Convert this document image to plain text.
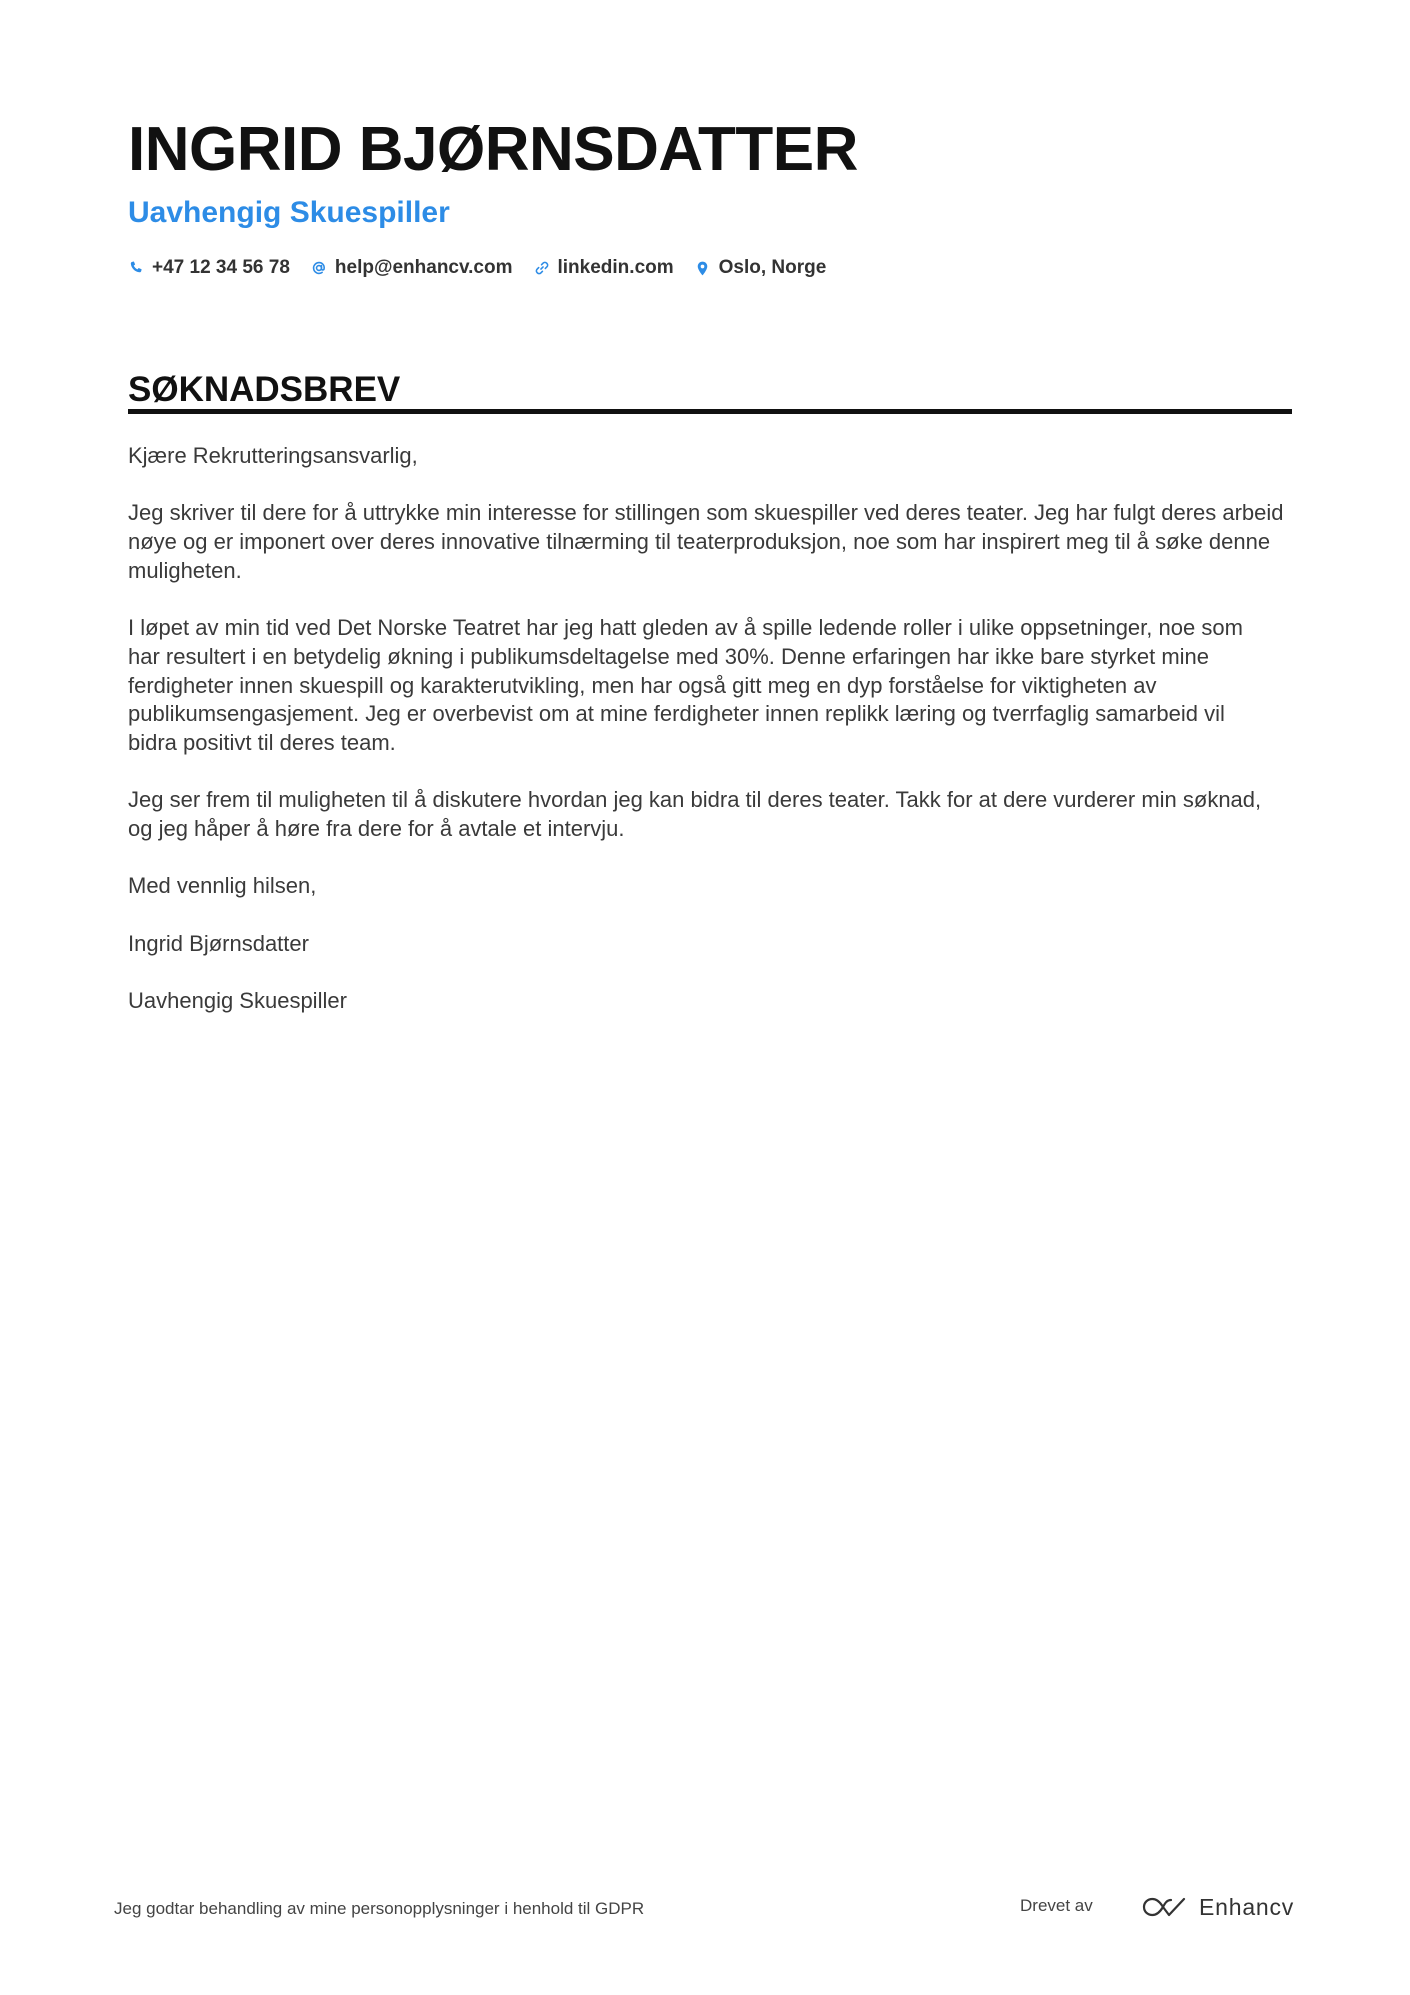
INGRID BJØRNSDATTER
Uavhengig Skuespiller
+47 12 34 56 78 help@enhancv.com linkedin.com Oslo, Norge
SØKNADSBREV
Kjære Rekrutteringsansvarlig,
Jeg skriver til dere for å uttrykke min interesse for stillingen som skuespiller ved deres teater. Jeg har fulgt deres arbeid
nøye og er imponert over deres innovative tilnærming til teaterproduksjon, noe som har inspirert meg til å søke denne
muligheten.
I løpet av min tid ved Det Norske Teatret har jeg hatt gleden av å spille ledende roller i ulike oppsetninger, noe som
har resultert i en betydelig økning i publikumsdeltagelse med 30%. Denne erfaringen har ikke bare styrket mine
ferdigheter innen skuespill og karakterutvikling, men har også gitt meg en dyp forståelse for viktigheten av
publikumsengasjement. Jeg er overbevist om at mine ferdigheter innen replikk læring og tverrfaglig samarbeid vil
bidra positivt til deres team.
Jeg ser frem til muligheten til å diskutere hvordan jeg kan bidra til deres teater. Takk for at dere vurderer min søknad,
og jeg håper å høre fra dere for å avtale et intervju.
Med vennlig hilsen,
Ingrid Bjørnsdatter
Uavhengig Skuespiller
Jeg godtar behandling av mine personopplysninger i henhold til GDPR	Drevet av	Enhancv
